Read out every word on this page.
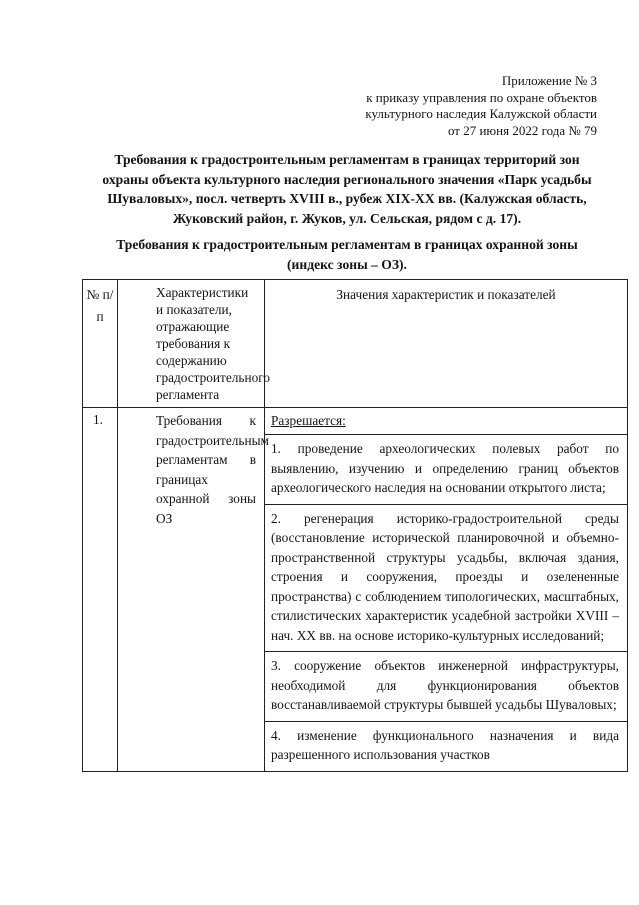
Приложение № 3
к приказу управления по охране объектов
культурного наследия Калужской области
от 27 июня 2022 года № 79
Требования к градостроительным регламентам в границах территорий зон охраны объекта культурного наследия регионального значения «Парк усадьбы Шуваловых», посл. четверть XVIII в., рубеж XIX-XX вв. (Калужская область, Жуковский район, г. Жуков, ул. Сельская, рядом с д. 17).
Требования к градостроительным регламентам в границах охранной зоны (индекс зоны – ОЗ).
№ п/п	Характеристики и показатели, отражающие требования к содержанию градостроительного регламента	Значения характеристик и показателей

1.	Требования к градостроительным регламентам в границах охранной зоны ОЗ	Разрешается:
1. проведение археологических полевых работ по выявлению, изучению и определению границ объектов археологического наследия на основании открытого листа;
2. регенерация историко-градостроительной среды (восстановление исторической планировочной и объемно-пространственной структуры усадьбы, включая здания, строения и сооружения, проезды и озелененные пространства) с соблюдением типологических, масштабных, стилистических характеристик усадебной застройки XVIII – нач. XX вв. на основе историко-культурных исследований;
3. сооружение объектов инженерной инфраструктуры, необходимой для функционирования объектов восстанавливаемой структуры бывшей усадьбы Шуваловых;
4. изменение функционального назначения и вида разрешенного использования участков
